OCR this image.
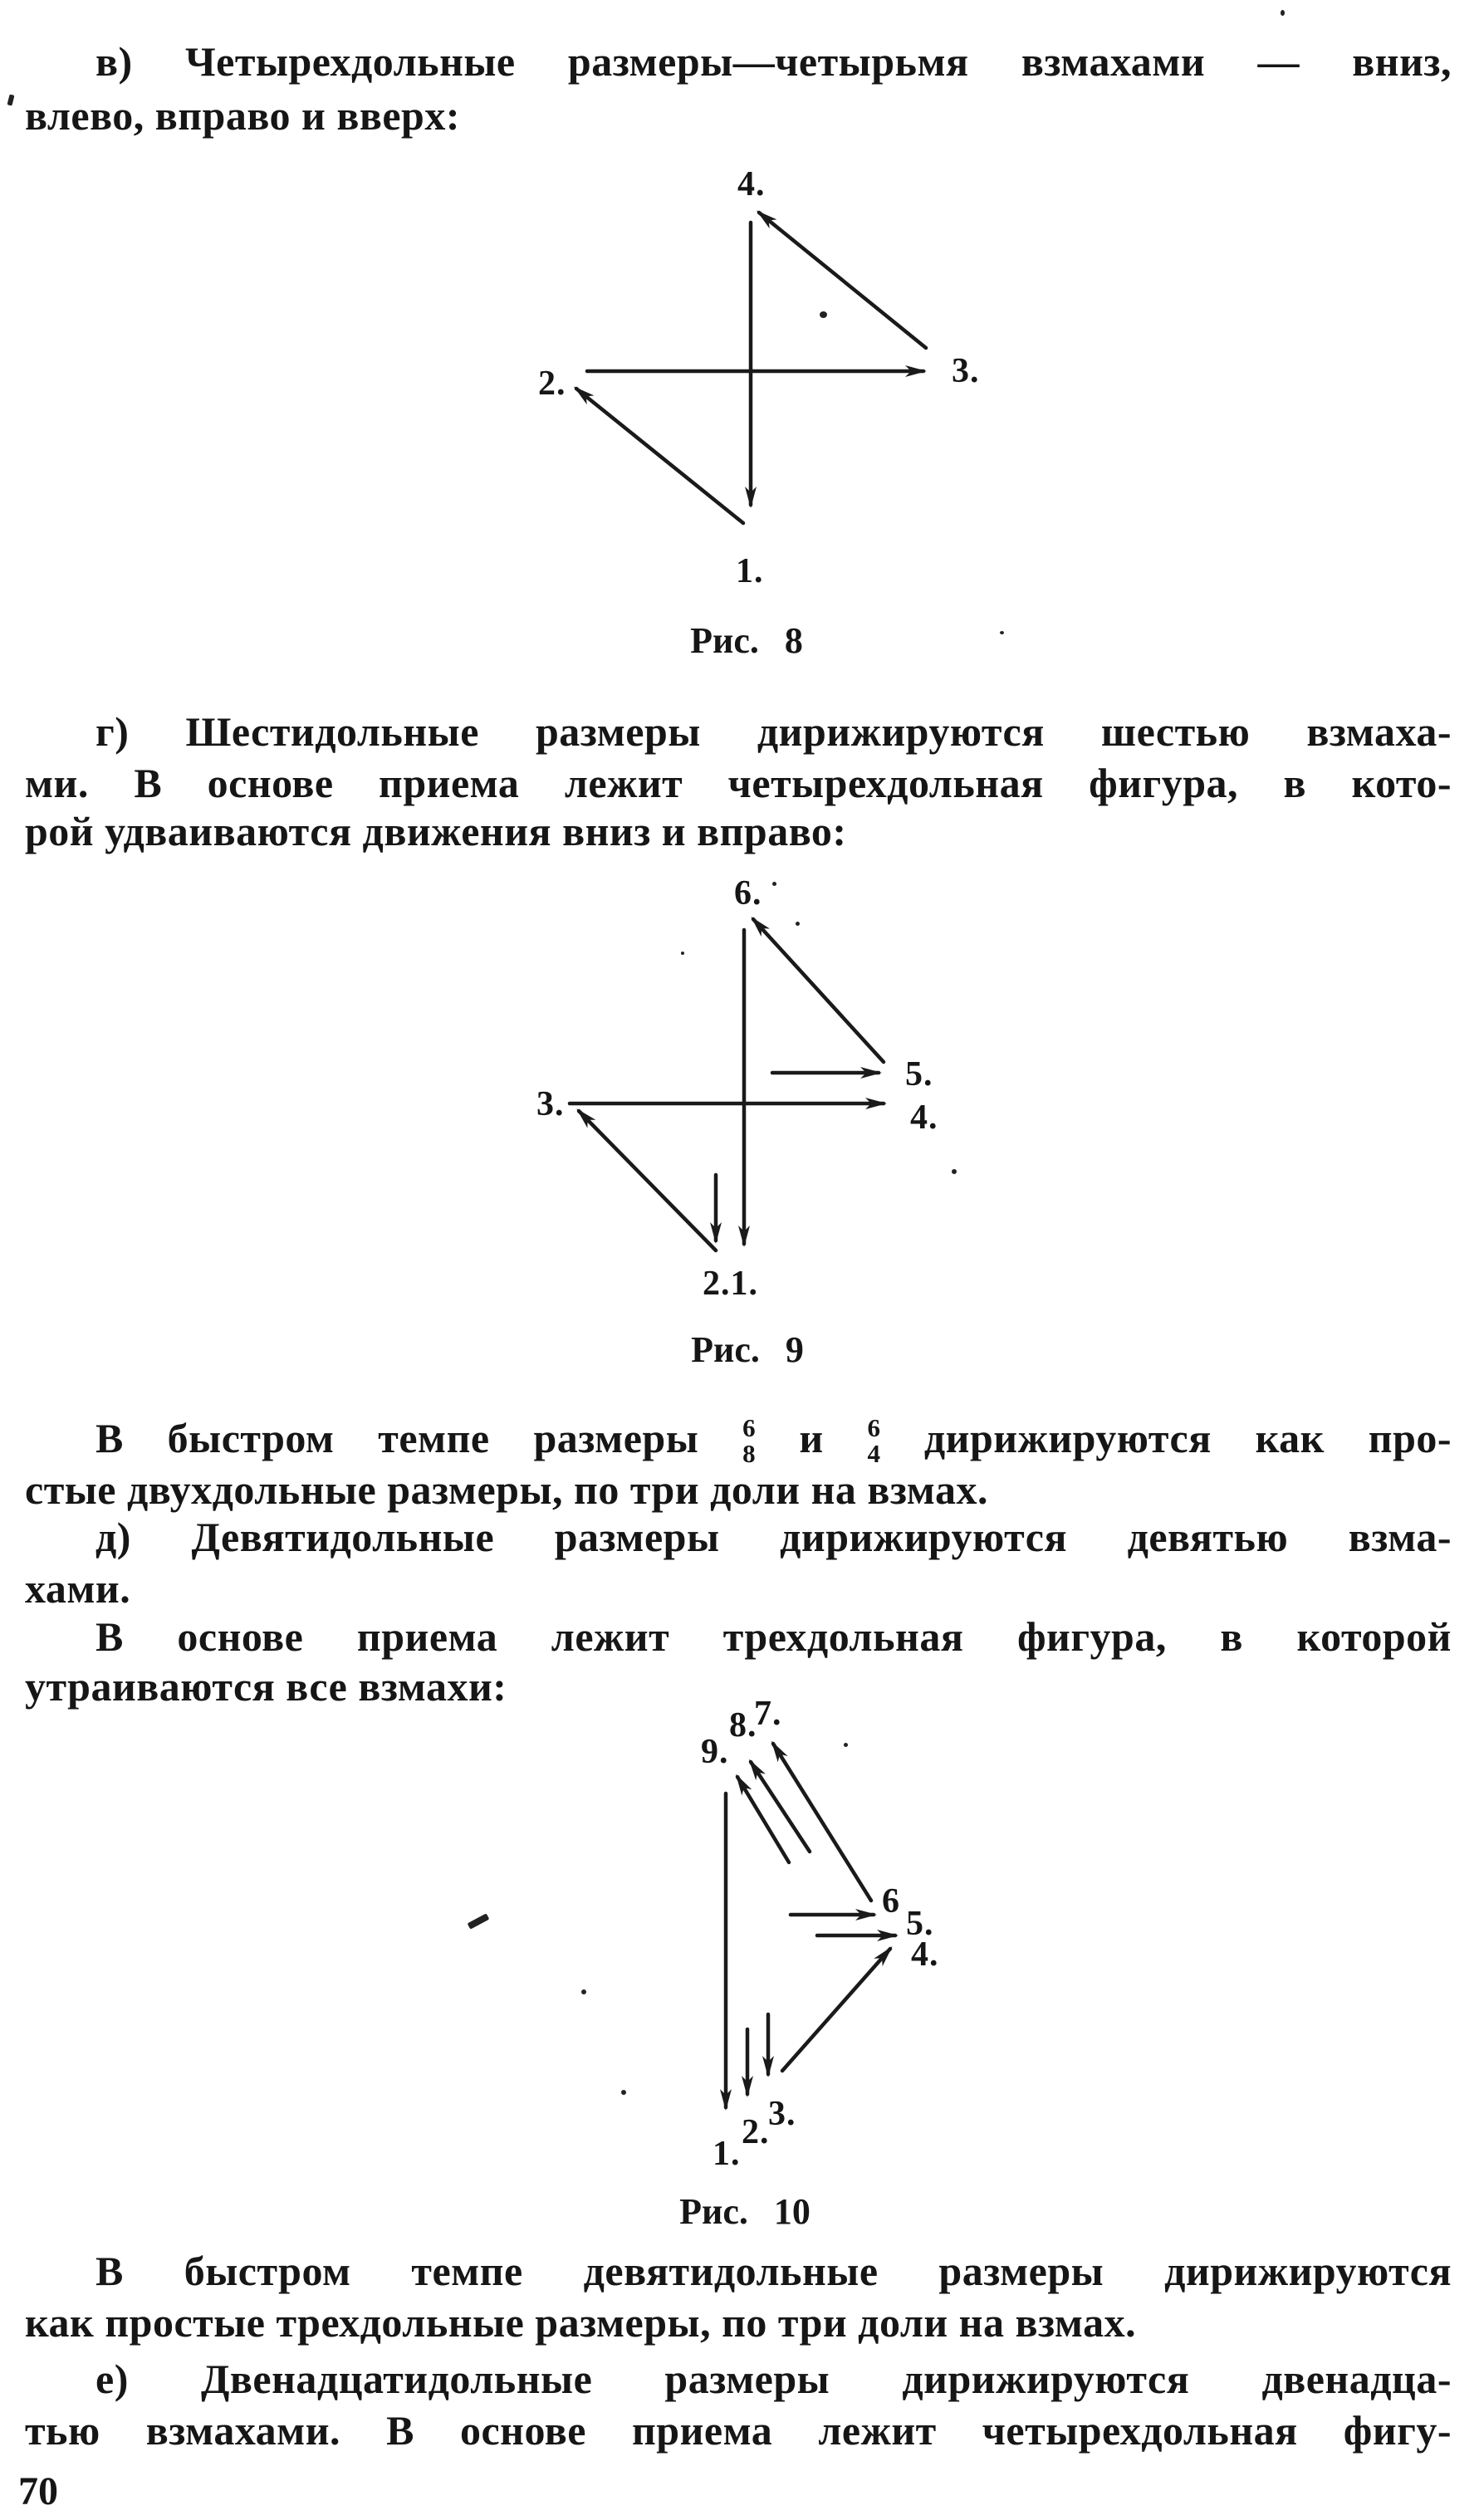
в) Четырехдольные размеры—четырьмя взмахами — вниз,
влево, вправо и вверх:
Рис. 8
г) Шестидольные размеры дирижируются шестью взмаха-
ми. В основе приема лежит четырехдольная фигура, в кото-
рой удваиваются движения вниз и вправо:
Рис. 9
В быстром темпе размеры 6
8 и 6
4 дирижируются как про-
стые двухдольные размеры, по три доли на взмах.
д) Девятидольные размеры дирижируются девятью взма-
хами.
В основе приема лежит трехдольная фигура, в которой
утраиваются все взмахи:
Рис. 10
В быстром темпе девятидольные размеры дирижируются
как простые трехдольные размеры, по три доли на взмах.
е) Двенадцатидольные размеры дирижируются двенадца-
тью взмахами. В основе приема лежит четырехдольная фигу-
70
4.
3.
2.
1.
6.
5.
4.
3.
2.1.
7.
8.
9.
6
5.
4.
3.
2.
1.
